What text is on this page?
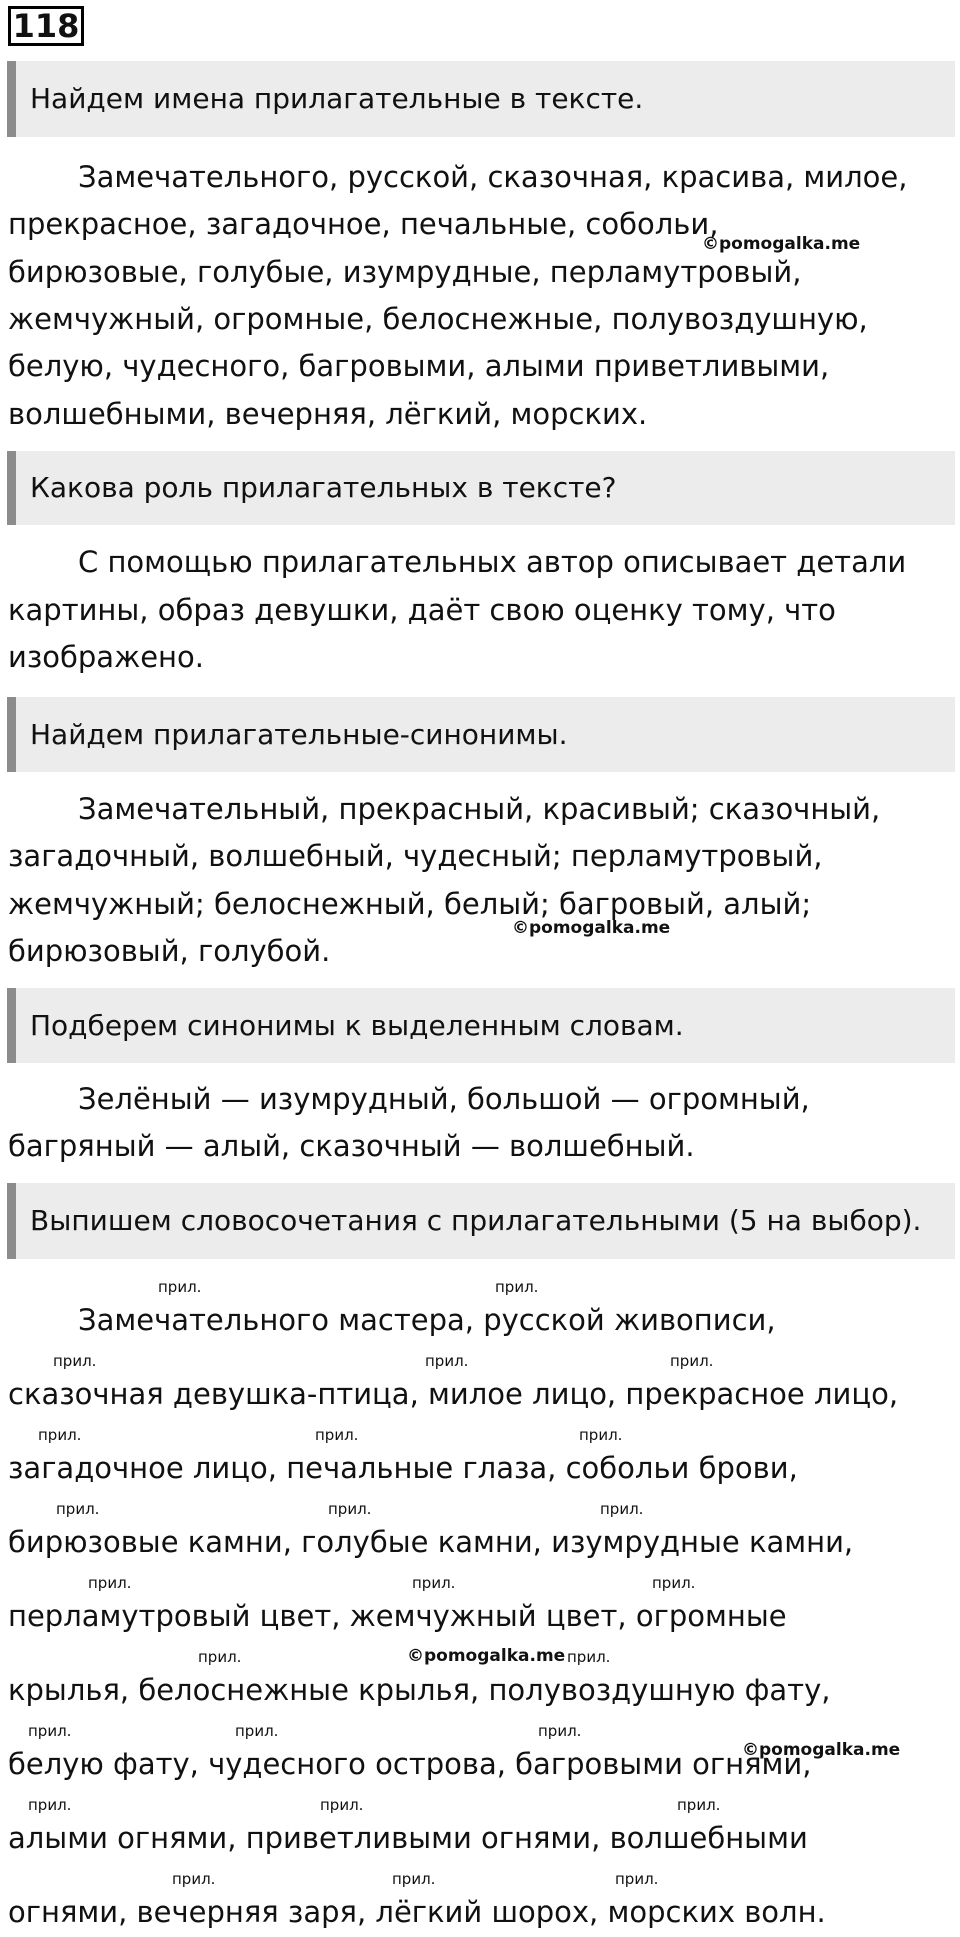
118
Найдем имена прилагательные в тексте.
Замечательного, русской, сказочная, красива, милое,
прекрасное, загадочное, печальные, собольи,
бирюзовые, голубые, изумрудные, перламутровый,
жемчужный, огромные, белоснежные, полувоздушную,
белую, чудесного, багровыми, алыми приветливыми,
волшебными, вечерняя, лёгкий, морских.
©pomogalka.me
Какова роль прилагательных в тексте?
С помощью прилагательных автор описывает детали
картины, образ девушки, даёт свою оценку тому, что
изображено.
Найдем прилагательные-синонимы.
Замечательный, прекрасный, красивый; сказочный,
загадочный, волшебный, чудесный; перламутровый,
жемчужный; белоснежный, белый; багровый, алый;
бирюзовый, голубой.
©pomogalka.me
Подберем синонимы к выделенным словам.
Зелёный — изумрудный, большой — огромный,
багряный — алый, сказочный — волшебный.
Выпишем словосочетания с прилагательными (5 на выбор).
Замечательного мастера, русской живописи,
сказочная девушка-птица, милое лицо, прекрасное лицо,
загадочное лицо, печальные глаза, собольи брови,
бирюзовые камни, голубые камни, изумрудные камни,
перламутровый цвет, жемчужный цвет, огромные
крылья, белоснежные крылья, полувоздушную фату,
белую фату, чудесного острова, багровыми огнями,
алыми огнями, приветливыми огнями, волшебными
огнями, вечерняя заря, лёгкий шорох, морских волн.
прил.	прил.
прил.	прил.	прил.
прил.	прил.	прил.
прил.	прил.	прил.
прил.	прил.	прил.
прил.	прил.
©pomogalka.me
прил.	прил.	прил.
©pomogalka.me
прил.	прил.	прил.
прил.	прил.	прил.
